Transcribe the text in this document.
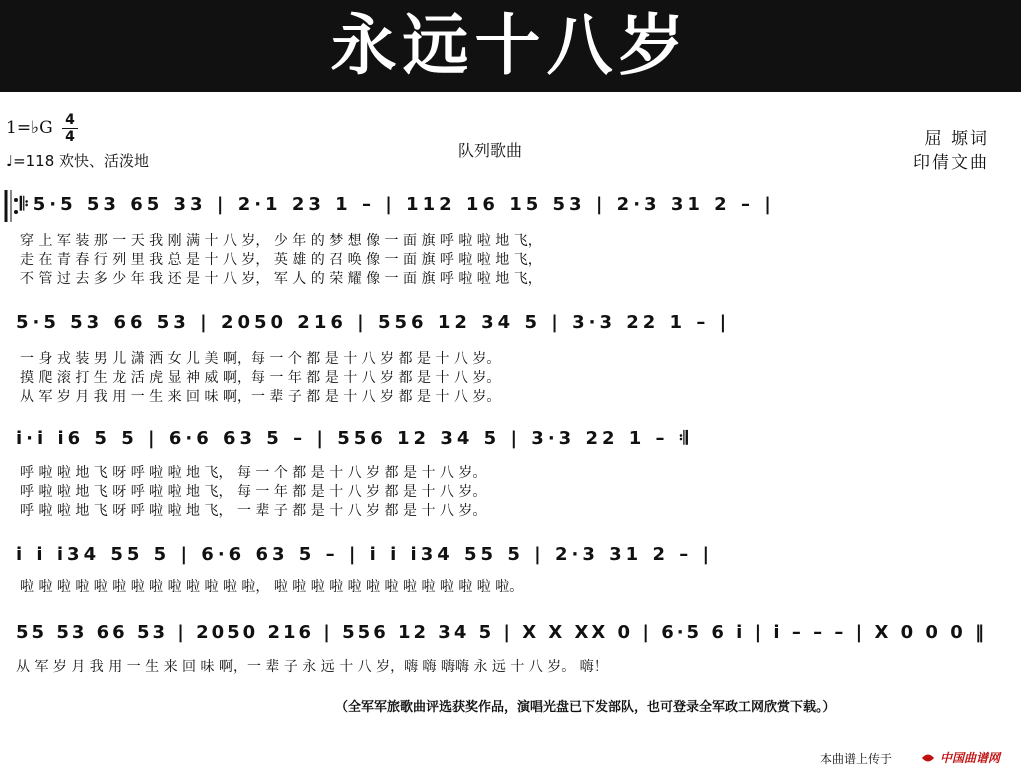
永远十八岁
1=♭G 4
4
♩=118 欢快、活泼地
队列歌曲
屈 塬词
印倩文曲
𝄆5·5 53 65 33 | 2·1 23 1 – | 112 16 15 53 | 2·3 31 2 – |
穿 上 军 装 那 一 天 我 刚 满 十 八 岁， 少 年 的 梦 想 像 一 面 旗 呼 啦 啦 地 飞，
走 在 青 春 行 列 里 我 总 是 十 八 岁， 英 雄 的 召 唤 像 一 面 旗 呼 啦 啦 地 飞，
不 管 过 去 多 少 年 我 还 是 十 八 岁， 军 人 的 荣 耀 像 一 面 旗 呼 啦 啦 地 飞，
5·5 53 66 53 | 2050 216 | 556 12 34 5 | 3·3 22 1 – |
一 身 戎 装 男 儿 潇 洒 女 儿 美 啊，每 一 个 都 是 十 八 岁 都 是 十 八 岁。
摸 爬 滚 打 生 龙 活 虎 显 神 威 啊，每 一 年 都 是 十 八 岁 都 是 十 八 岁。
从 军 岁 月 我 用 一 生 来 回 味 啊，一 辈 子 都 是 十 八 岁 都 是 十 八 岁。
i·i i6 5 5 | 6·6 63 5 – | 556 12 34 5 | 3·3 22 1 – 𝄇
呼 啦 啦 地 飞 呀 呼 啦 啦 地 飞， 每 一 个 都 是 十 八 岁 都 是 十 八 岁。
呼 啦 啦 地 飞 呀 呼 啦 啦 地 飞， 每 一 年 都 是 十 八 岁 都 是 十 八 岁。
呼 啦 啦 地 飞 呀 呼 啦 啦 地 飞， 一 辈 子 都 是 十 八 岁 都 是 十 八 岁。
i i i34 55 5 | 6·6 63 5 – | i i i34 55 5 | 2·3 31 2 – |
啦 啦 啦 啦 啦 啦 啦 啦 啦 啦 啦 啦 啦， 啦 啦 啦 啦 啦 啦 啦 啦 啦 啦 啦 啦 啦。
55 53 66 53 | 2050 216 | 556 12 34 5 | X X XX 0 | 6·5 6 i | i – – – | X 0 0 0 ‖
从 军 岁 月 我 用 一 生 来 回 味 啊，一 辈 子 永 远 十 八 岁，嗨 嗨 嗨嗨 永 远 十 八 岁。 嗨！
（全军军旅歌曲评选获奖作品，演唱光盘已下发部队，也可登录全军政工网欣赏下载。）
本曲谱上传于	中国曲谱网
